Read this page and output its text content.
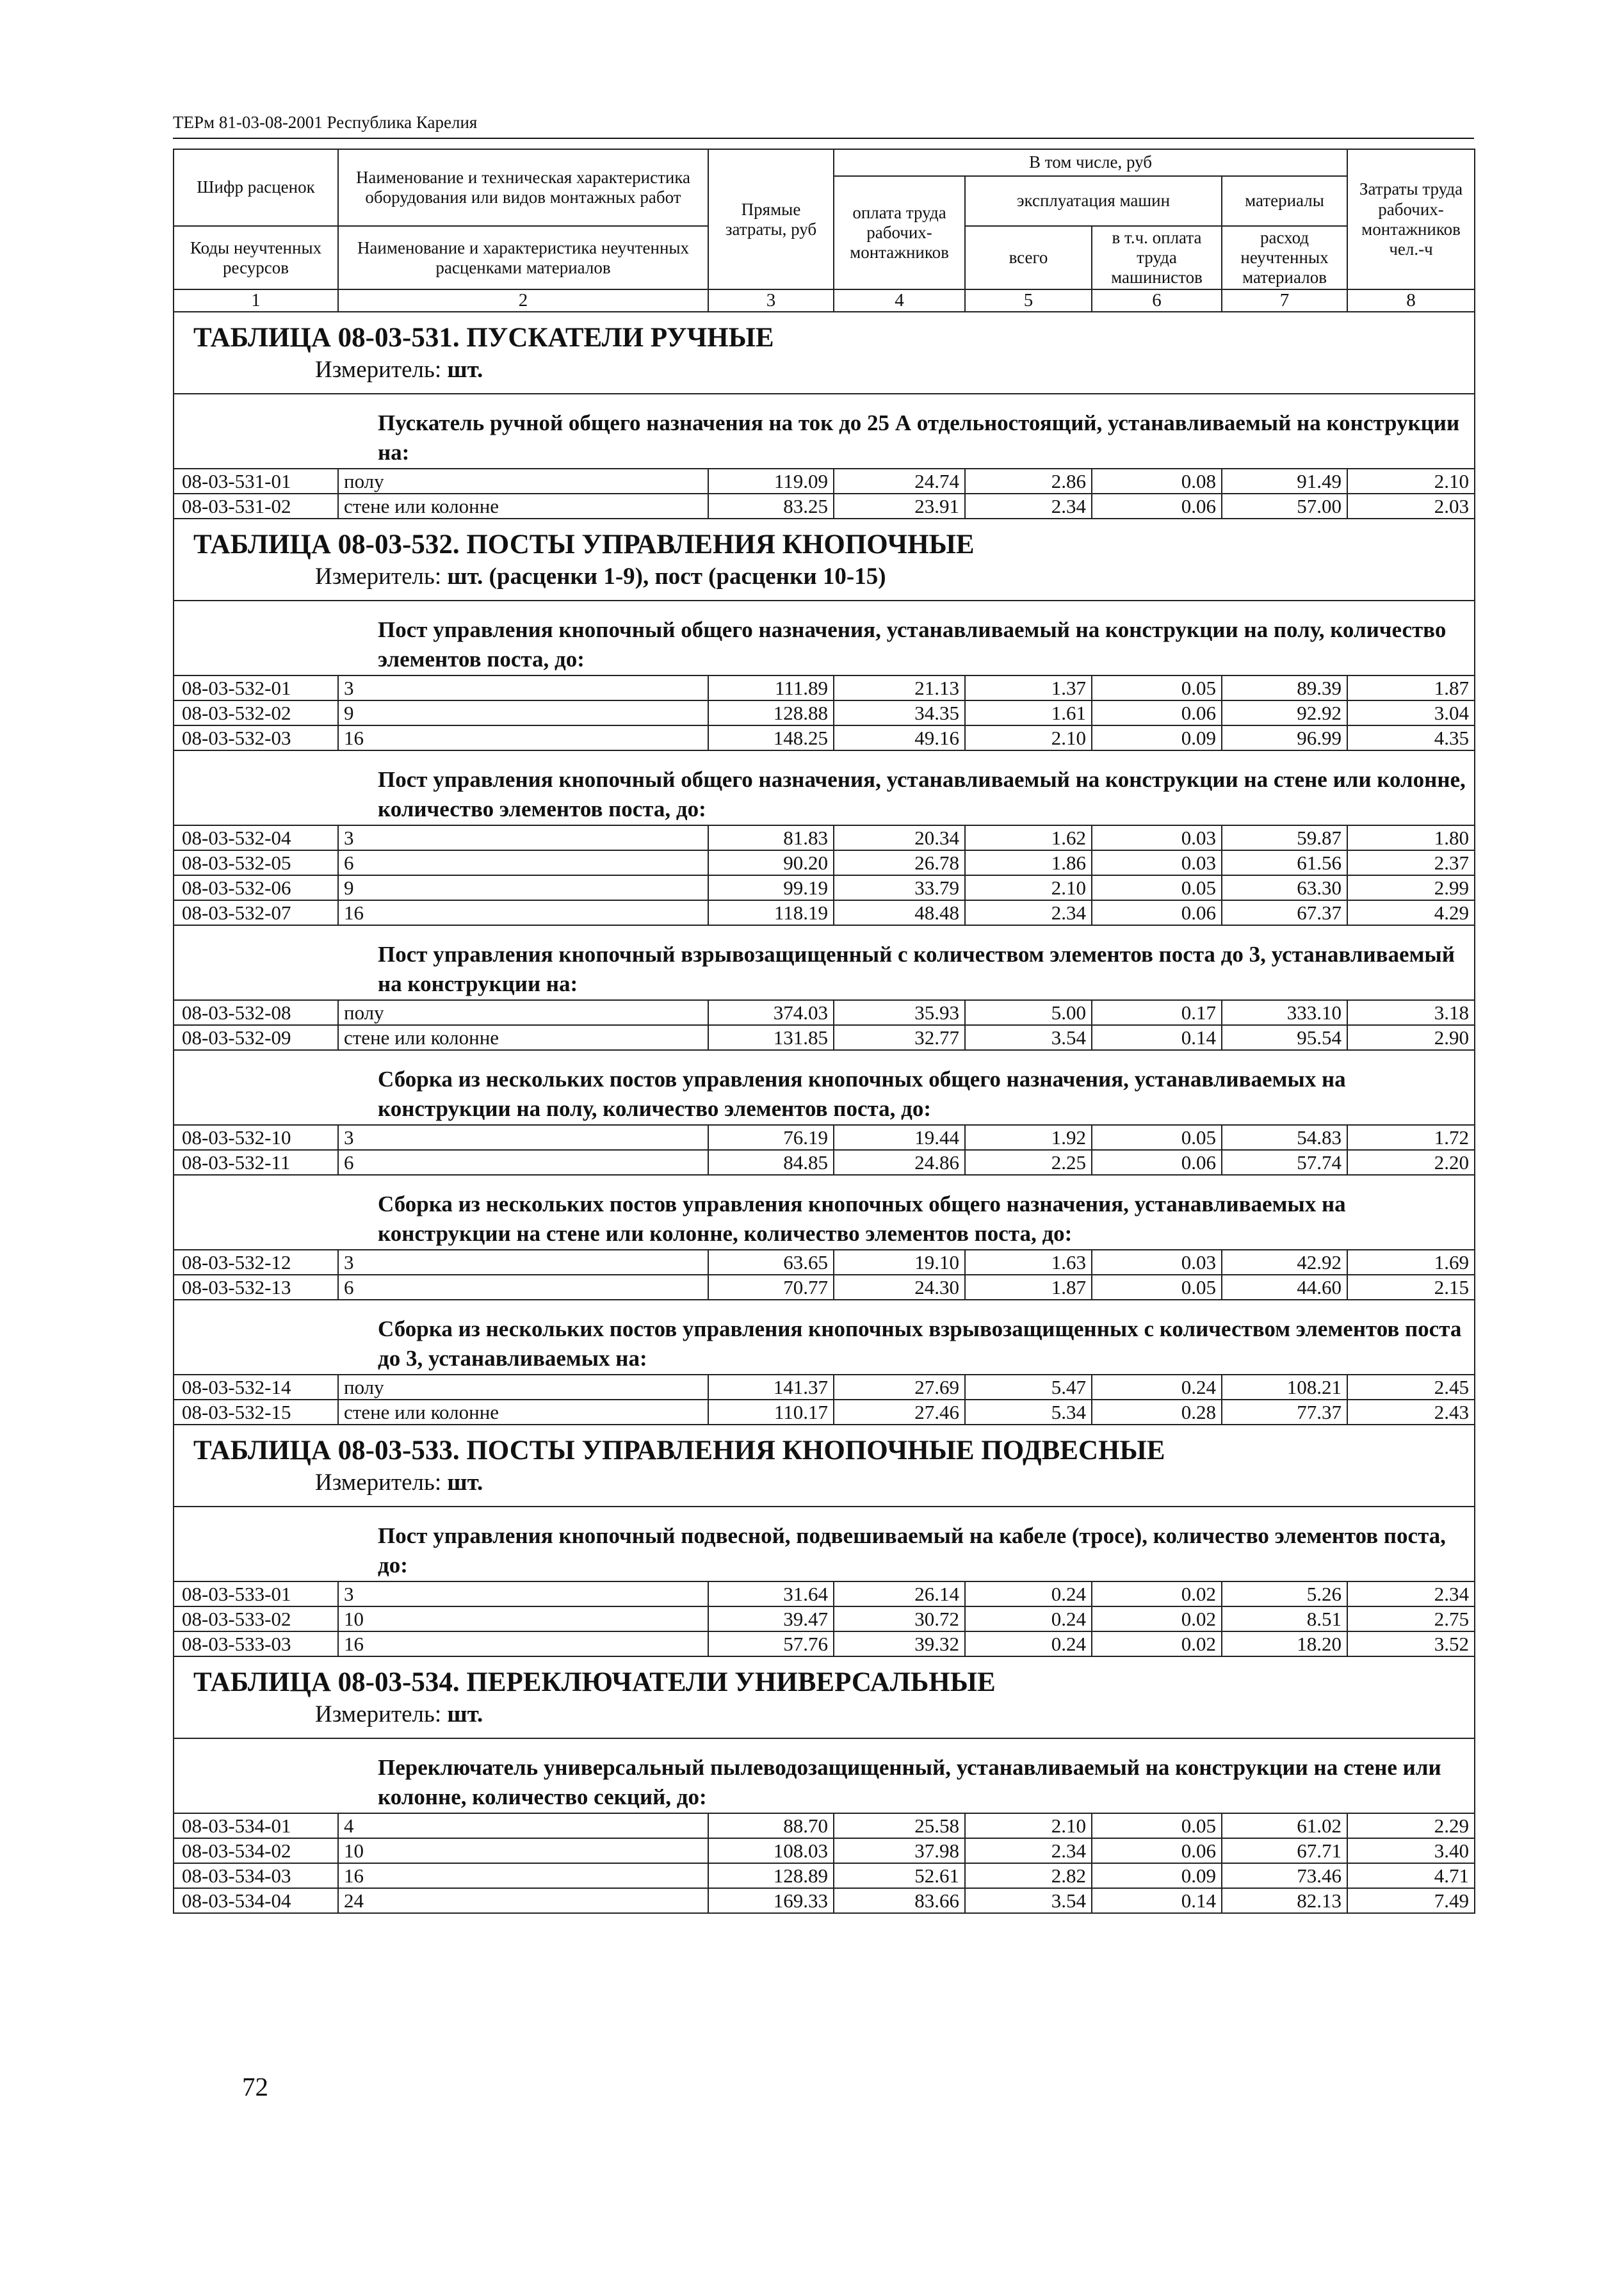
ТЕРм 81-03-08-2001 Республика Карелия
Шифр расценок	Наименование и техническая характеристика оборудования или видов монтажных работ	Прямые затраты, руб	В том числе, руб				Затраты труда рабочих-монтажников чел.-ч
			оплата труда рабочих-монтажников	эксплуатация машин		материалы	

Коды неучтенных ресурсов	Наименование и характеристика неучтенных расценками материалов			всего	в т.ч. оплата труда машинистов	расход неучтенных материалов	

1	2	3	4	5	6	7	8
ТАБЛИЦА 08-03-531. ПУСКАТЕЛИ РУЧНЫЕ							
Измеритель: шт.							
Пускатель ручной общего назначения на ток до 25 А отдельностоящий, устанавливаемый на конструкции на:							
08-03-531-01	полу	119.09	24.74	2.86	0.08	91.49	2.10
08-03-531-02	стене или колонне	83.25	23.91	2.34	0.06	57.00	2.03
ТАБЛИЦА 08-03-532. ПОСТЫ УПРАВЛЕНИЯ КНОПОЧНЫЕ							
Измеритель: шт. (расценки 1-9), пост (расценки 10-15)							
Пост управления кнопочный общего назначения, устанавливаемый на конструкции на полу, количество элементов поста, до:							
08-03-532-01	3	111.89	21.13	1.37	0.05	89.39	1.87
08-03-532-02	9	128.88	34.35	1.61	0.06	92.92	3.04
08-03-532-03	16	148.25	49.16	2.10	0.09	96.99	4.35
Пост управления кнопочный общего назначения, устанавливаемый на конструкции на стене или колонне, количество элементов поста, до:							
08-03-532-04	3	81.83	20.34	1.62	0.03	59.87	1.80
08-03-532-05	6	90.20	26.78	1.86	0.03	61.56	2.37
08-03-532-06	9	99.19	33.79	2.10	0.05	63.30	2.99
08-03-532-07	16	118.19	48.48	2.34	0.06	67.37	4.29
Пост управления кнопочный взрывозащищенный с количеством элементов поста до 3, устанавливаемый на конструкции на:							
08-03-532-08	полу	374.03	35.93	5.00	0.17	333.10	3.18
08-03-532-09	стене или колонне	131.85	32.77	3.54	0.14	95.54	2.90
Сборка из нескольких постов управления кнопочных общего назначения, устанавливаемых на конструкции на полу, количество элементов поста, до:							
08-03-532-10	3	76.19	19.44	1.92	0.05	54.83	1.72
08-03-532-11	6	84.85	24.86	2.25	0.06	57.74	2.20
Сборка из нескольких постов управления кнопочных общего назначения, устанавливаемых на конструкции на стене или колонне, количество элементов поста, до:							
08-03-532-12	3	63.65	19.10	1.63	0.03	42.92	1.69
08-03-532-13	6	70.77	24.30	1.87	0.05	44.60	2.15
Сборка из нескольких постов управления кнопочных взрывозащищенных с количеством элементов поста до 3, устанавливаемых на:							
08-03-532-14	полу	141.37	27.69	5.47	0.24	108.21	2.45
08-03-532-15	стене или колонне	110.17	27.46	5.34	0.28	77.37	2.43
ТАБЛИЦА 08-03-533. ПОСТЫ УПРАВЛЕНИЯ КНОПОЧНЫЕ ПОДВЕСНЫЕ							
Измеритель: шт.							
Пост управления кнопочный подвесной, подвешиваемый на кабеле (тросе), количество элементов поста, до:							
08-03-533-01	3	31.64	26.14	0.24	0.02	5.26	2.34
08-03-533-02	10	39.47	30.72	0.24	0.02	8.51	2.75
08-03-533-03	16	57.76	39.32	0.24	0.02	18.20	3.52
ТАБЛИЦА 08-03-534. ПЕРЕКЛЮЧАТЕЛИ УНИВЕРСАЛЬНЫЕ							
Измеритель: шт.							
Переключатель универсальный пылеводозащищенный, устанавливаемый на конструкции на стене или колонне, количество секций, до:							
08-03-534-01	4	88.70	25.58	2.10	0.05	61.02	2.29
08-03-534-02	10	108.03	37.98	2.34	0.06	67.71	3.40
08-03-534-03	16	128.89	52.61	2.82	0.09	73.46	4.71
08-03-534-04	24	169.33	83.66	3.54	0.14	82.13	7.49
72
